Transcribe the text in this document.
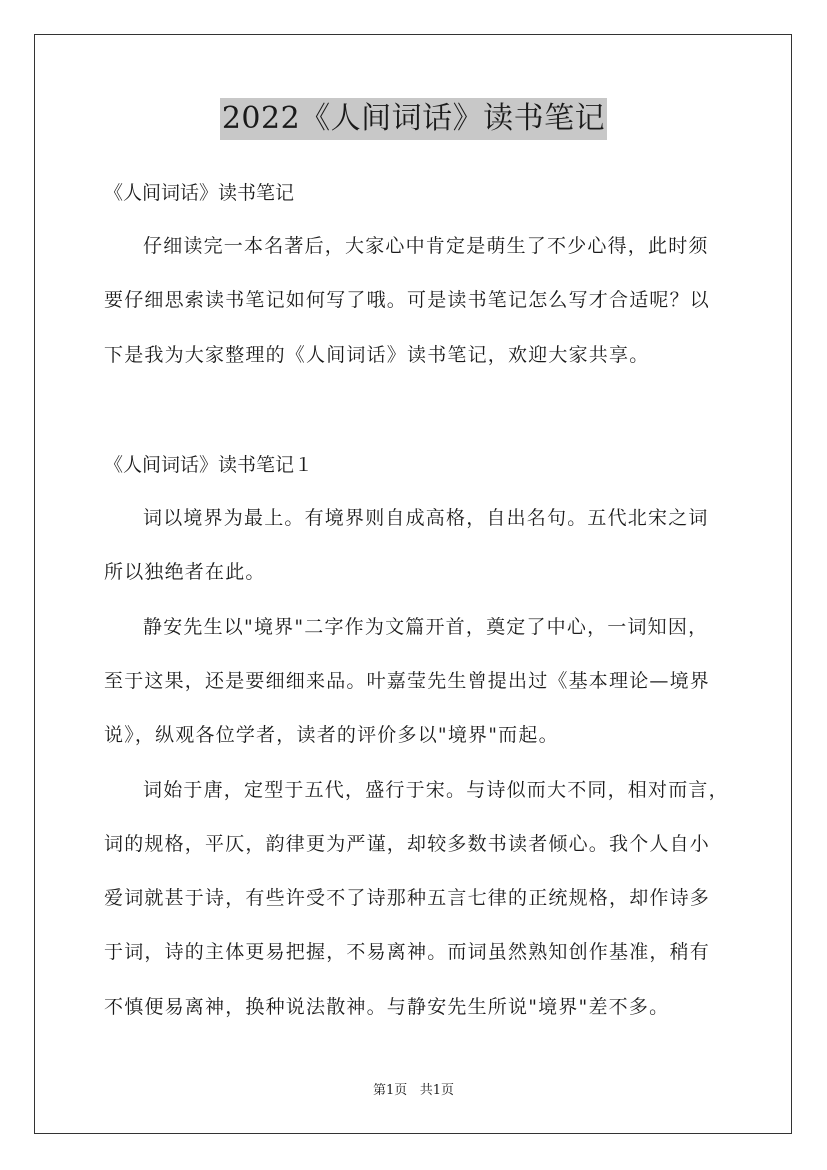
2022《人间词话》读书笔记
《人间词话》读书笔记
仔细读完一本名著后，大家心中肯定是萌生了不少心得，此时须
要仔细思索读书笔记如何写了哦。可是读书笔记怎么写才合适呢？以
下是我为大家整理的《人间词话》读书笔记，欢迎大家共享。
《人间词话》读书笔记１
词以境界为最上。有境界则自成高格，自出名句。五代北宋之词
所以独绝者在此。
静安先生以"境界"二字作为文篇开首，奠定了中心，一词知因，
至于这果，还是要细细来品。叶嘉莹先生曾提出过《基本理论—境界
说》，纵观各位学者，读者的评价多以"境界"而起。
词始于唐，定型于五代，盛行于宋。与诗似而大不同，相对而言，
词的规格，平仄，韵律更为严谨，却较多数书读者倾心。我个人自小
爱词就甚于诗，有些许受不了诗那种五言七律的正统规格，却作诗多
于词，诗的主体更易把握，不易离神。而词虽然熟知创作基准，稍有
不慎便易离神，换种说法散神。与静安先生所说"境界"差不多。
第1页 共1页
